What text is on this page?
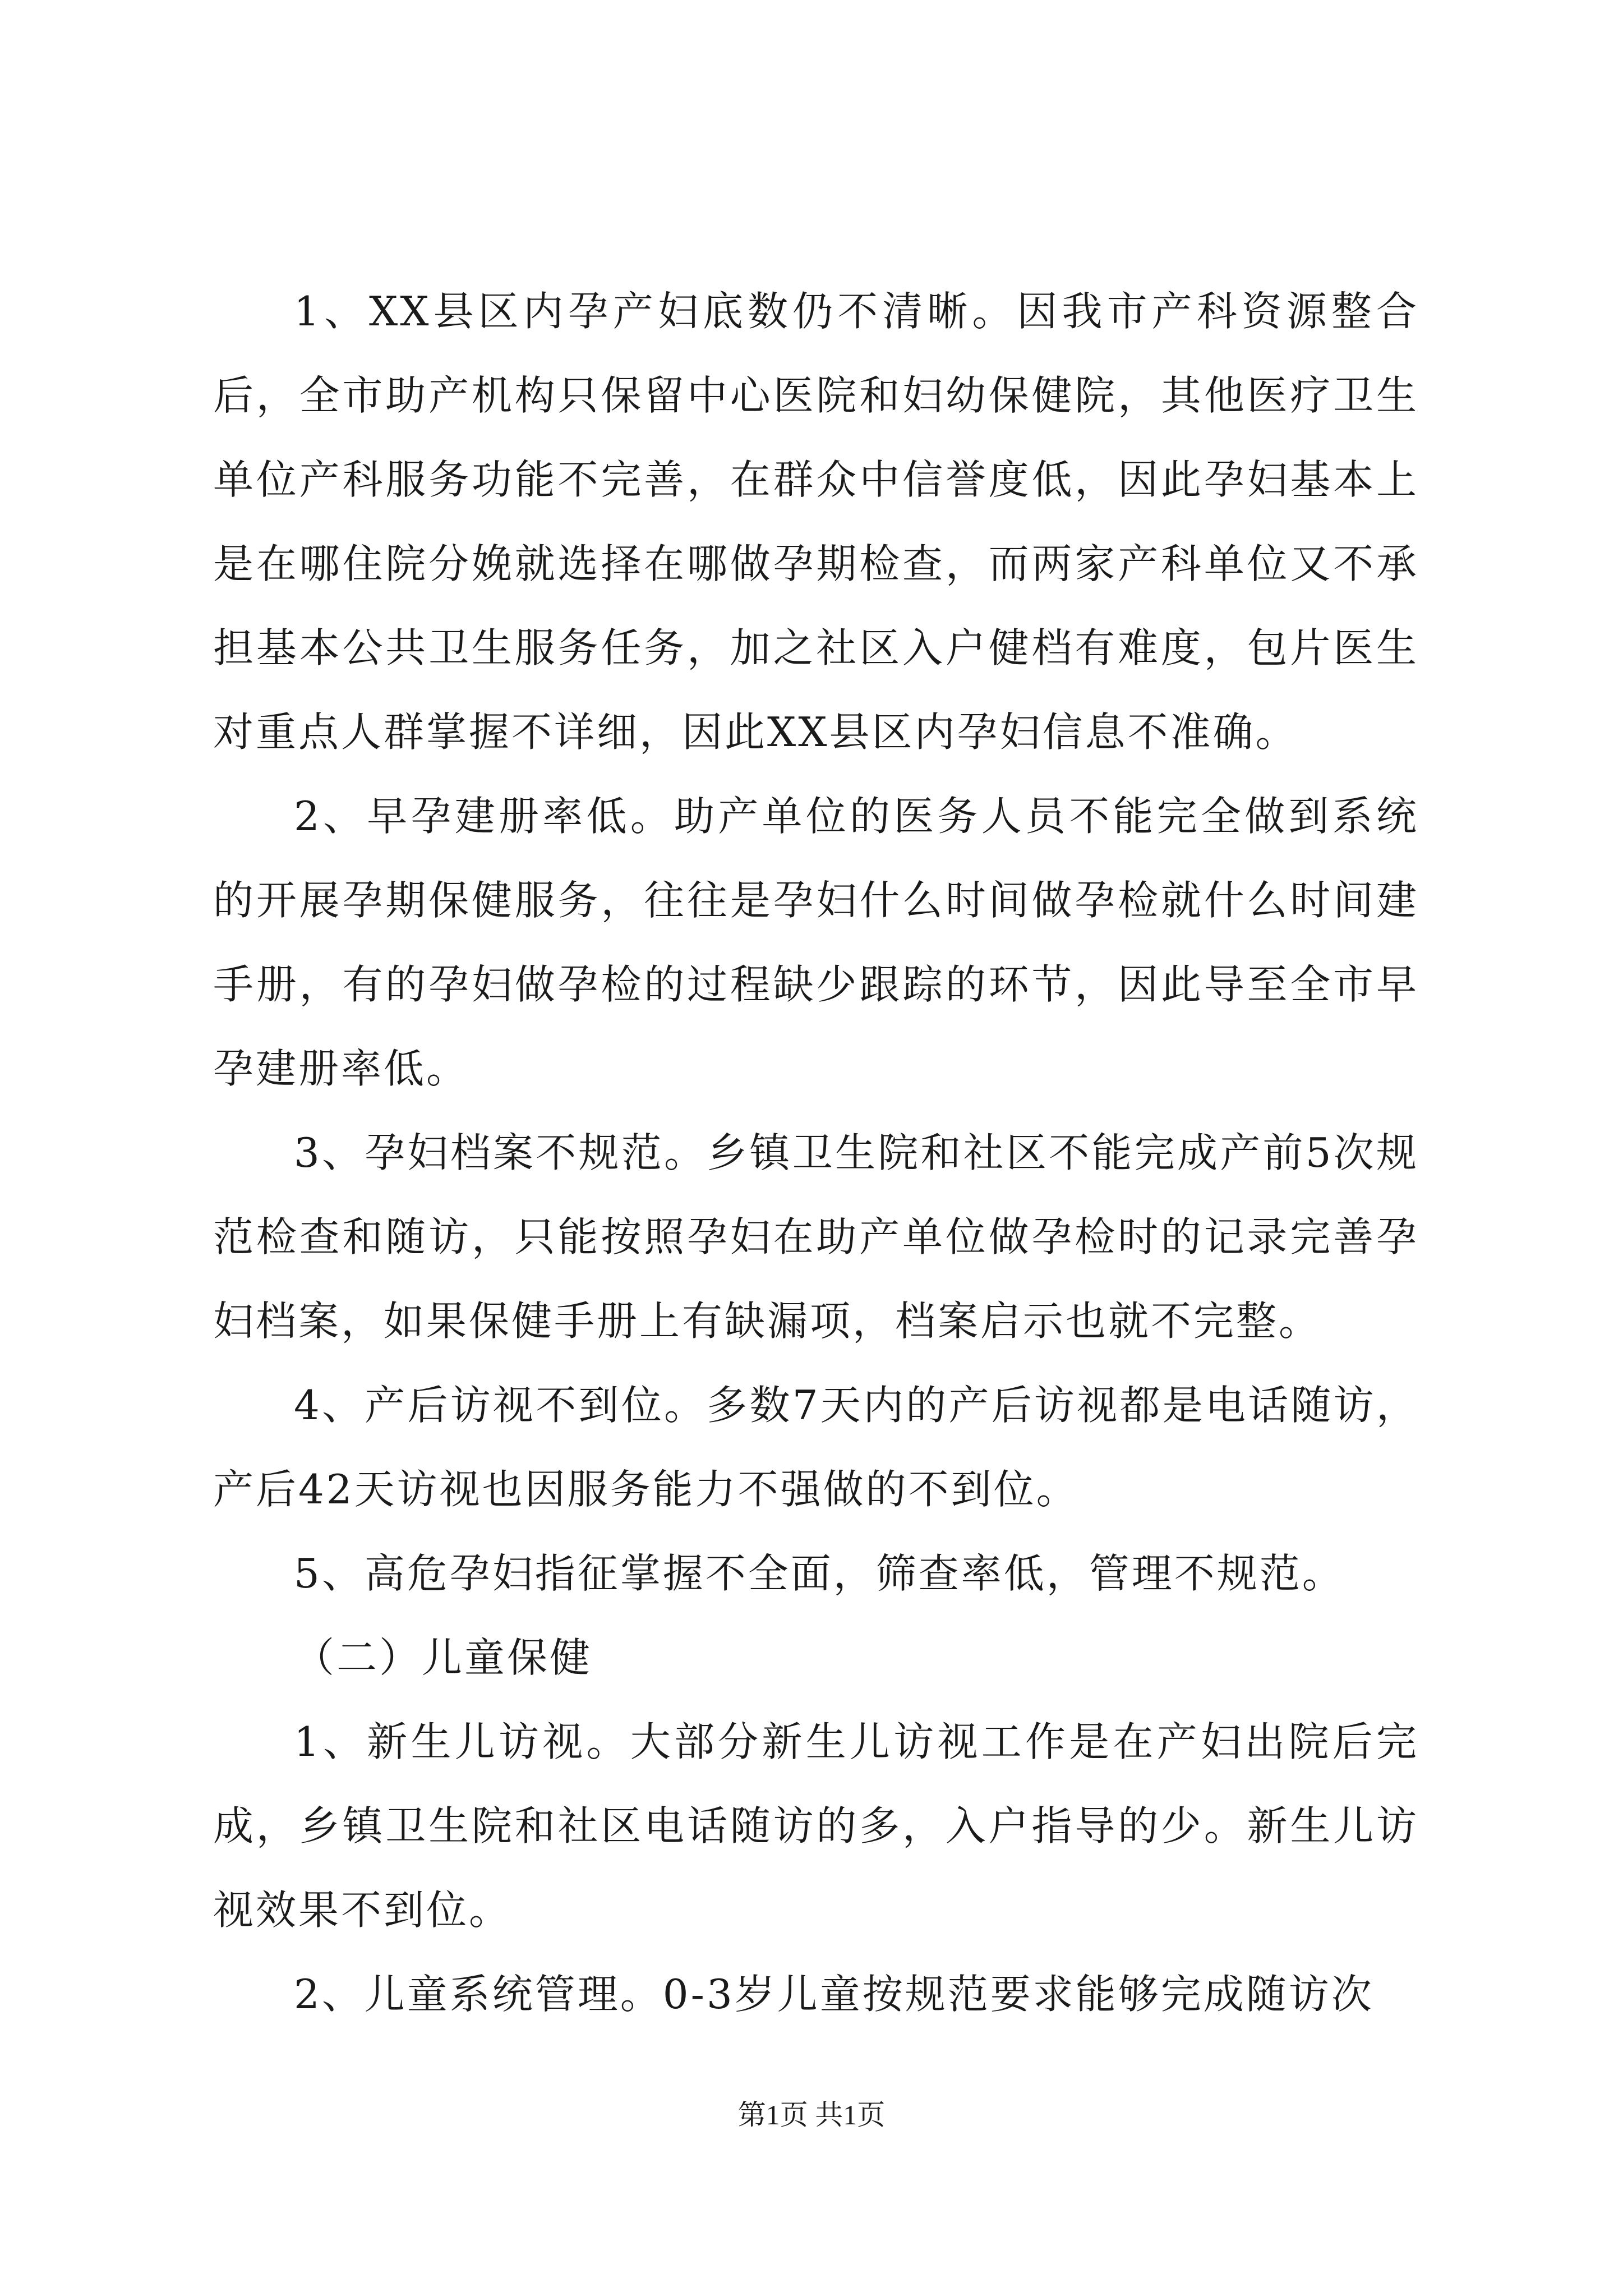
1、XX县区内孕产妇底数仍不清晰。因我市产科资源整合后，全市助产机构只保留中心医院和妇幼保健院，其他医疗卫生单位产科服务功能不完善，在群众中信誉度低，因此孕妇基本上是在哪住院分娩就选择在哪做孕期检查，而两家产科单位又不承担基本公共卫生服务任务，加之社区入户健档有难度，包片医生对重点人群掌握不详细，因此XX县区内孕妇信息不准确。

2、早孕建册率低。助产单位的医务人员不能完全做到系统的开展孕期保健服务，往往是孕妇什么时间做孕检就什么时间建手册，有的孕妇做孕检的过程缺少跟踪的环节，因此导至全市早孕建册率低。

3、孕妇档案不规范。乡镇卫生院和社区不能完成产前5次规范检查和随访，只能按照孕妇在助产单位做孕检时的记录完善孕妇档案，如果保健手册上有缺漏项，档案启示也就不完整。

4、产后访视不到位。多数7天内的产后访视都是电话随访，产后42天访视也因服务能力不强做的不到位。

5、高危孕妇指征掌握不全面，筛查率低，管理不规范。

（二）儿童保健

1、新生儿访视。大部分新生儿访视工作是在产妇出院后完成，乡镇卫生院和社区电话随访的多，入户指导的少。新生儿访视效果不到位。

2、儿童系统管理。0-3岁儿童按规范要求能够完成随访次

第1页 共1页
